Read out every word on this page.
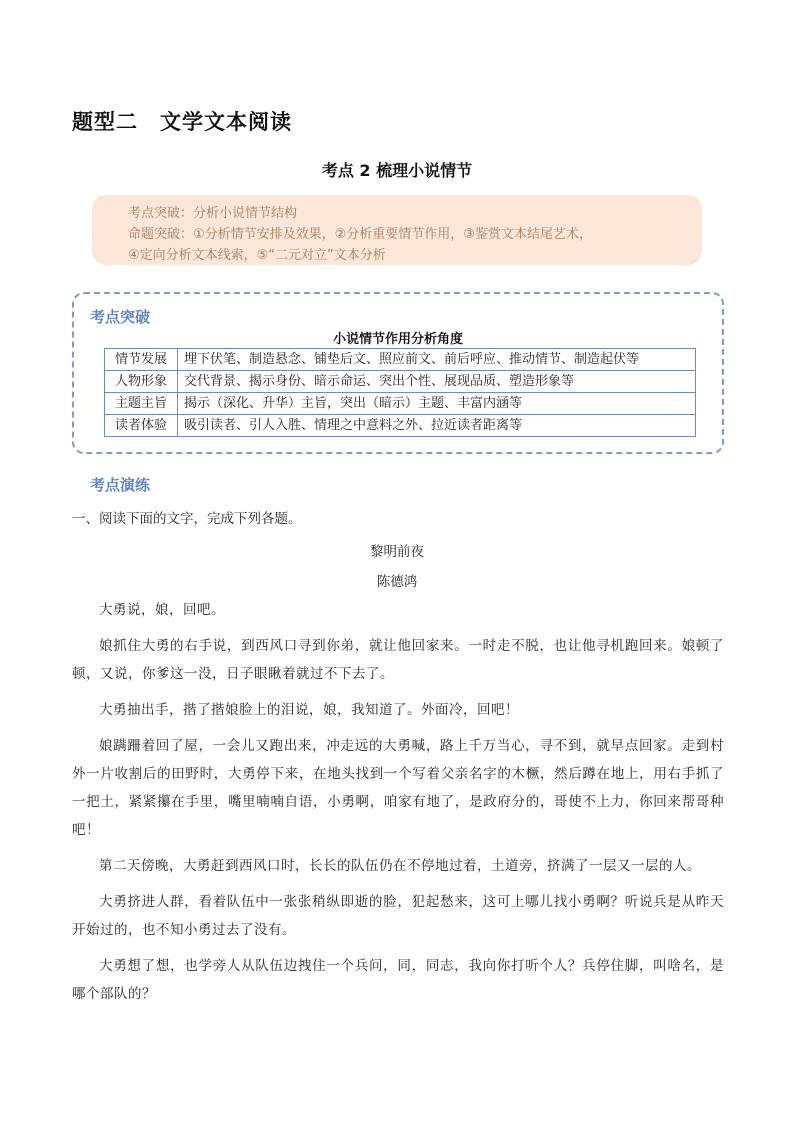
题型二 文学文本阅读
考点 2 梳理小说情节
考点突破：分析小说情节结构

命题突破：①分析情节安排及效果，②分析重要情节作用，③鉴赏文本结尾艺术，
④定向分析文本线索，⑤“二元对立”文本分析
考点突破
小说情节作用分析角度
情节发展	埋下伏笔、制造悬念、铺垫后文、照应前文、前后呼应、推动情节、制造起伏等
人物形象	交代背景、揭示身份、暗示命运、突出个性、展现品质、塑造形象等
主题主旨	揭示（深化、升华）主旨，突出（暗示）主题、丰富内涵等
读者体验	吸引读者、引人入胜、情理之中意料之外、拉近读者距离等
考点演练
一、阅读下面的文字，完成下列各题。
黎明前夜
陈德鸿

大勇说，娘，回吧。

娘抓住大勇的右手说，到西风口寻到你弟，就让他回家来。一时走不脱，也让他寻机跑回来。娘顿了顿，又说，你爹这一没，日子眼瞅着就过不下去了。

大勇抽出手，揩了揩娘脸上的泪说，娘，我知道了。外面冷，回吧！

娘蹒跚着回了屋，一会儿又跑出来，冲走远的大勇喊，路上千万当心，寻不到，就早点回家。走到村外一片收割后的田野时，大勇停下来，在地头找到一个写着父亲名字的木橛，然后蹲在地上，用右手抓了一把土，紧紧攥在手里，嘴里喃喃自语，小勇啊，咱家有地了，是政府分的，哥使不上力，你回来帮哥种吧！

第二天傍晚，大勇赶到西风口时，长长的队伍仍在不停地过着，土道旁，挤满了一层又一层的人。

大勇挤进人群，看着队伍中一张张稍纵即逝的脸，犯起愁来，这可上哪儿找小勇啊？听说兵是从昨天开始过的，也不知小勇过去了没有。

大勇想了想，也学旁人从队伍边拽住一个兵问，同，同志，我向你打听个人？兵停住脚，叫啥名，是哪个部队的？
